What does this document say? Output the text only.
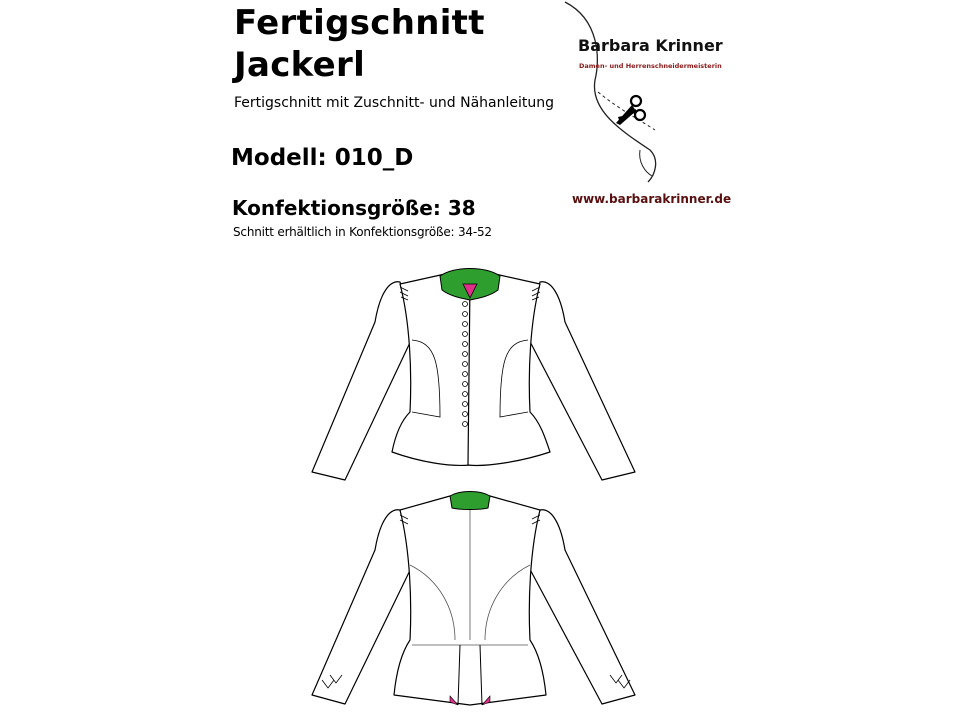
Fertigschnitt
Jackerl
Fertigschnitt mit Zuschnitt- und Nähanleitung
Modell: 010_D
Konfektionsgröße: 38
Schnitt erhältlich in Konfektionsgröße: 34-52
Barbara Krinner
Damen- und Herrenschneidermeisterin
www.barbarakrinner.de
